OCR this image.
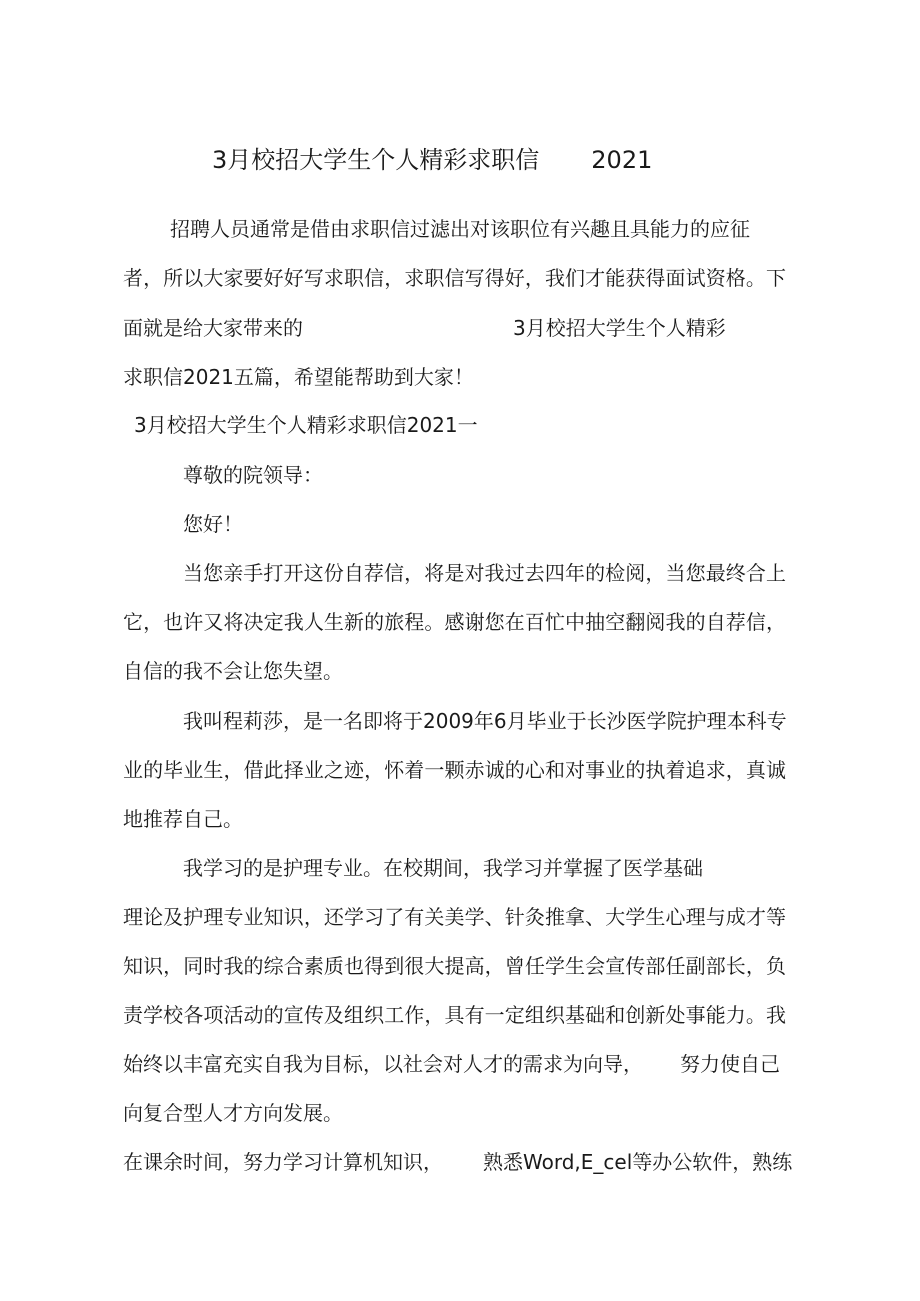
3月校招大学生个人精彩求职信 2021
招聘人员通常是借由求职信过滤出对该职位有兴趣且具能力的应征
者，所以大家要好好写求职信，求职信写得好，我们才能获得面试资格。下
面就是给大家带来的	3月校招大学生个人精彩
求职信2021五篇，希望能帮助到大家！
3月校招大学生个人精彩求职信2021一
尊敬的院领导：
您好！
当您亲手打开这份自荐信，将是对我过去四年的检阅，当您最终合上
它，也许又将决定我人生新的旅程。感谢您在百忙中抽空翻阅我的自荐信，
自信的我不会让您失望。
我叫程莉莎，是一名即将于2009年6月毕业于长沙医学院护理本科专
业的毕业生，借此择业之迹，怀着一颗赤诚的心和对事业的执着追求，真诚
地推荐自己。
我学习的是护理专业。在校期间，我学习并掌握了医学基础
理论及护理专业知识，还学习了有关美学、针灸推拿、大学生心理与成才等
知识，同时我的综合素质也得到很大提高，曾任学生会宣传部任副部长，负
责学校各项活动的宣传及组织工作，具有一定组织基础和创新处事能力。我
始终以丰富充实自我为目标，以社会对人才的需求为向导， 努力使自己
向复合型人才方向发展。
在课余时间，努力学习计算机知识， 熟悉Word,E_cel等办公软件，熟练
